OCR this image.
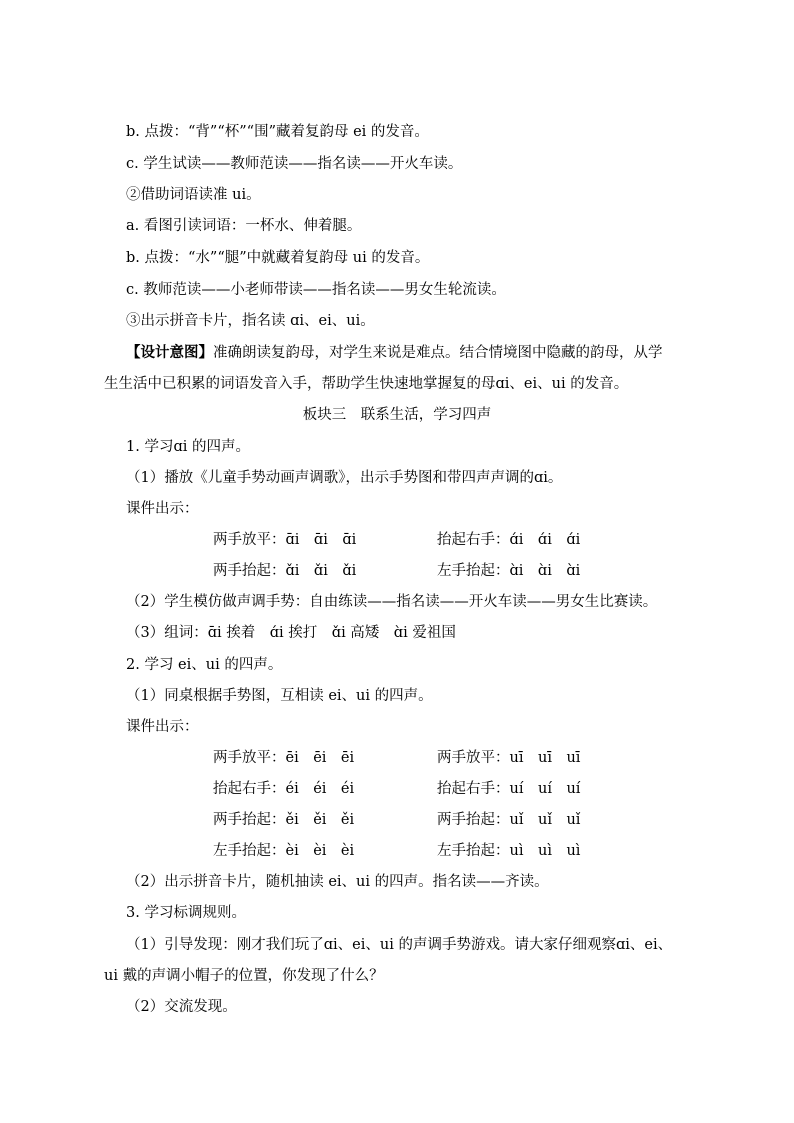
b. 点拨：“背”“杯”“围”藏着复韵母 ei 的发音。
c. 学生试读——教师范读——指名读——开火车读。
②借助词语读准 ui。
a. 看图引读词语：一杯水、伸着腿。
b. 点拨：“水”“腿”中就藏着复韵母 ui 的发音。
c. 教师范读——小老师带读——指名读——男女生轮流读。
③出示拼音卡片，指名读 ɑi、ei、ui。
【设计意图】准确朗读复韵母，对学生来说是难点。结合情境图中隐藏的韵母，从学
生生活中已积累的词语发音入手，帮助学生快速地掌握复的母ɑi、ei、ui 的发音。
板块三　联系生活，学习四声
1. 学习ɑi 的四声。
（1）播放《儿童手势动画声调歌》，出示手势图和带四声声调的ɑi。
课件出示：
两手放平：ɑ̄i　ɑ̄i　ɑ̄i	抬起右手：ɑ́i　ɑ́i　ɑ́i
两手抬起：ɑ̌i　ɑ̌i　ɑ̌i	左手抬起：ɑ̀i　ɑ̀i　ɑ̀i
（2）学生模仿做声调手势：自由练读——指名读——开火车读——男女生比赛读。
（3）组词：ɑ̄i 挨着　ɑ́i 挨打　ɑ̌i 高矮　ɑ̀i 爱祖国
2. 学习 ei、ui 的四声。
（1）同桌根据手势图，互相读 ei、ui 的四声。
课件出示：
两手放平：ēi　ēi　ēi	两手放平：uī　uī　uī
抬起右手：éi　éi　éi	抬起右手：uí　uí　uí
两手抬起：ěi　ěi　ěi	两手抬起：uǐ　uǐ　uǐ
左手抬起：èi　èi　èi	左手抬起：uì　uì　uì
（2）出示拼音卡片，随机抽读 ei、ui 的四声。指名读——齐读。
3. 学习标调规则。
（1）引导发现：刚才我们玩了ɑi、ei、ui 的声调手势游戏。请大家仔细观察ɑi、ei、
ui 戴的声调小帽子的位置，你发现了什么？
（2）交流发现。
